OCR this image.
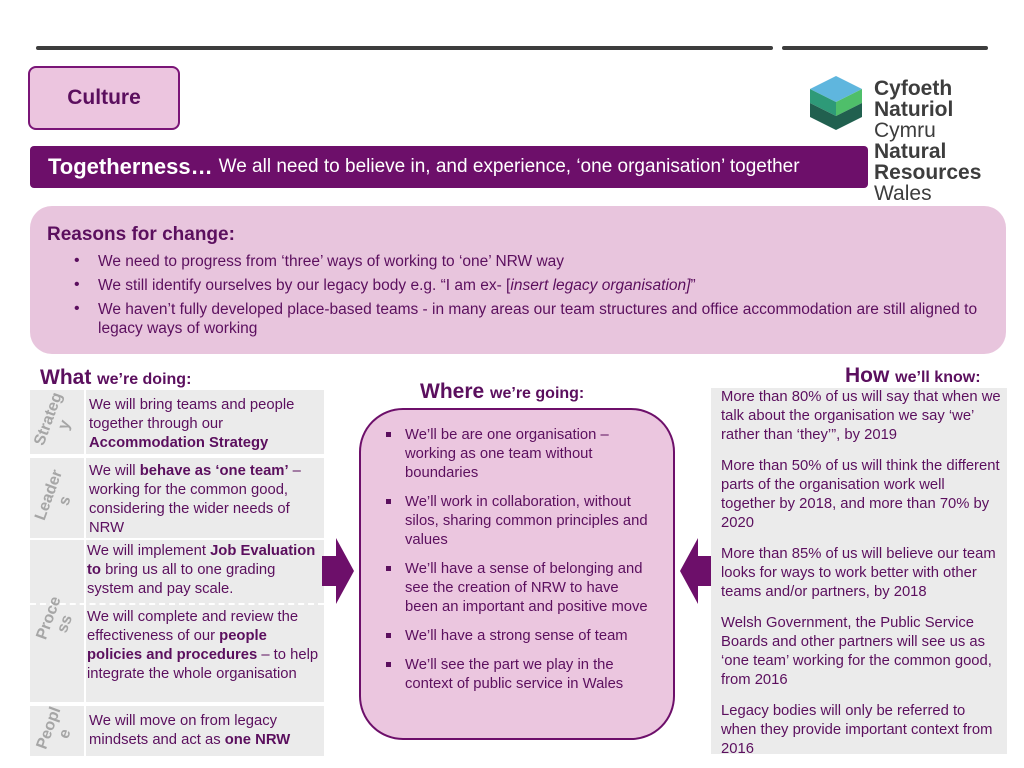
Culture	Cyfoeth
Naturiol
Cymru
Natural
Resources
Wales
Togetherness… We all need to believe in, and experience, ‘one organisation’ together
Reasons for change:
• We need to progress from ‘three’ ways of working to ‘one’ NRW way
• We still identify ourselves by our legacy body e.g. “I am ex- [insert legacy organisation]”
• We haven’t fully developed place-based teams - in many areas our team structures and office accommodation are still aligned to legacy ways of working
What we’re doing:
Where we’re going:
How we’ll know:
Strateg y
Leader s
Proce ss
Peopl e
We will bring teams and people together through our Accommodation Strategy
We will behave as ‘one team’ – working for the common good, considering the wider needs of NRW
We will implement Job Evaluation to bring us all to one grading system and pay scale.
We will complete and review the effectiveness of our people policies and procedures – to help integrate the whole organisation
We will move on from legacy mindsets and act as one NRW
We’ll be are one organisation – working as one team without boundaries
We’ll work in collaboration, without silos, sharing common principles and values
We’ll have a sense of belonging and see the creation of NRW to have been an important and positive move
We’ll have a strong sense of team
We’ll see the part we play in the context of public service in Wales

More than 80% of us will say that when we talk about the organisation we say ‘we’ rather than ‘they’”, by 2019

More than 50% of us will think the different parts of the organisation work well together by 2018, and more than 70% by 2020

More than 85% of us will believe our team looks for ways to work better with other teams and/or partners, by 2018

Welsh Government, the Public Service Boards and other partners will see us as ‘one team’ working for the common good, from 2016

Legacy bodies will only be referred to when they provide important context from 2016
